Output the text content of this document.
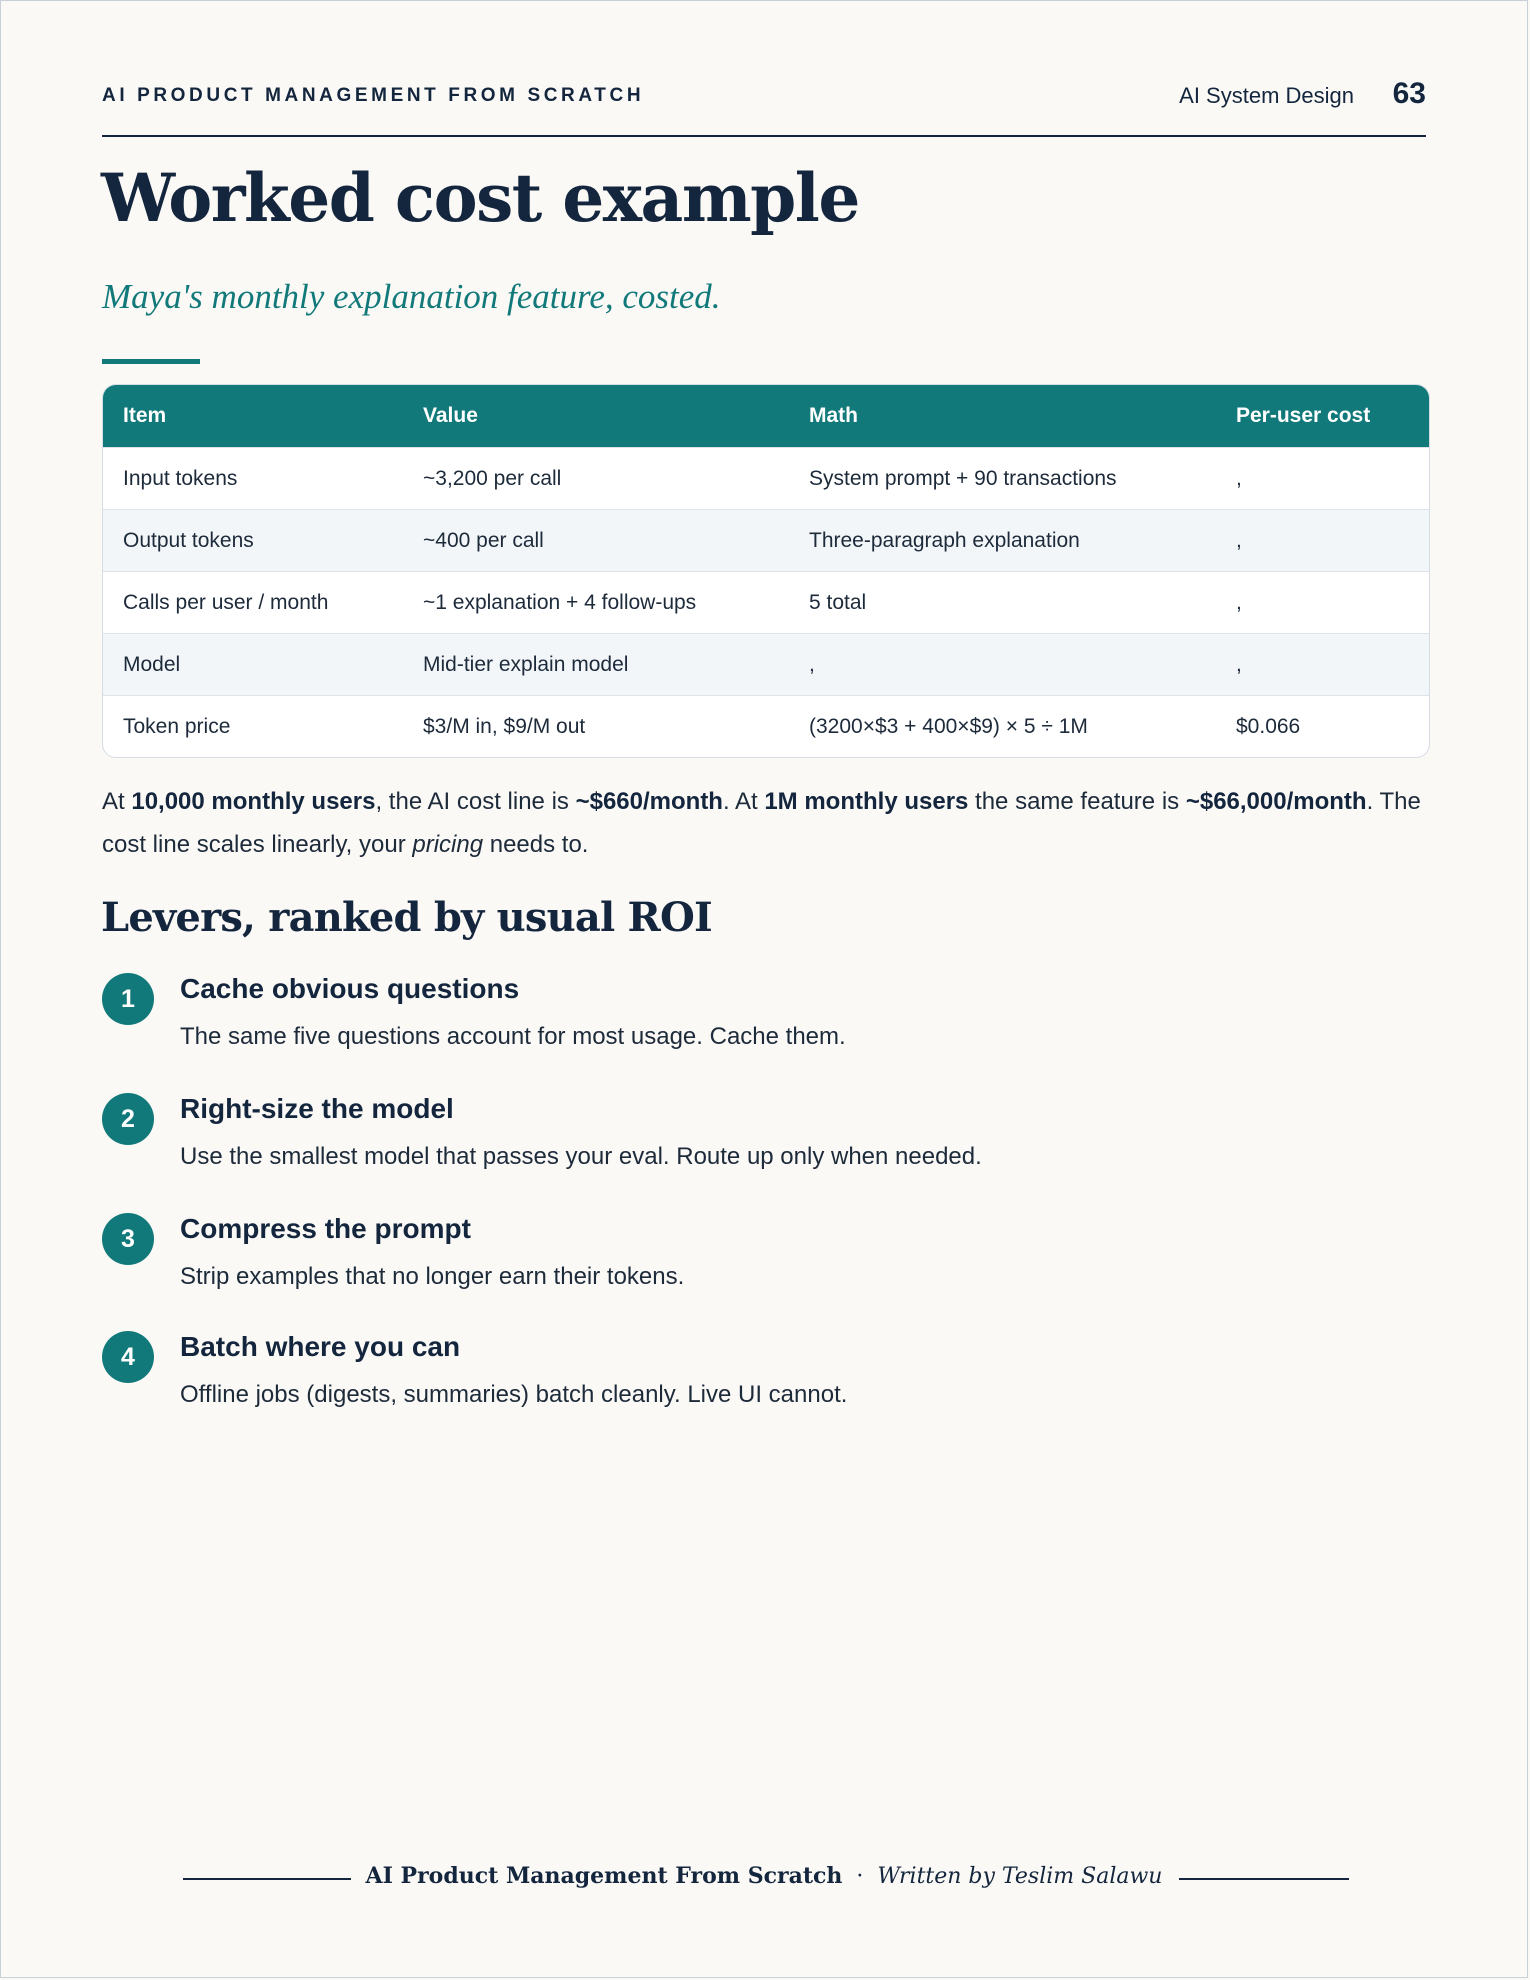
AI PRODUCT MANAGEMENT FROM SCRATCH	AI System Design 63
Worked cost example
Maya's monthly explanation feature, costed.
Item	Value	Math	Per-user cost
Input tokens	~3,200 per call	System prompt + 90 transactions	,
Output tokens	~400 per call	Three-paragraph explanation	,
Calls per user / month	~1 explanation + 4 follow-ups	5 total	,
Model	Mid-tier explain model	,	,
Token price	$3/M in, $9/M out	(3200×$3 + 400×$9) × 5 ÷ 1M	$0.066

At 10,000 monthly users, the AI cost line is ~$660/month. At 1M monthly users the same feature is ~$66,000/month. The cost line scales linearly, your pricing needs to.

Levers, ranked by usual ROI
1	Cache obvious questions
The same five questions account for most usage. Cache them.
2	Right-size the model
Use the smallest model that passes your eval. Route up only when needed.
3	Compress the prompt
Strip examples that no longer earn their tokens.
4	Batch where you can
Offline jobs (digests, summaries) batch cleanly. Live UI cannot.
AI Product Management From Scratch · Written by Teslim Salawu
